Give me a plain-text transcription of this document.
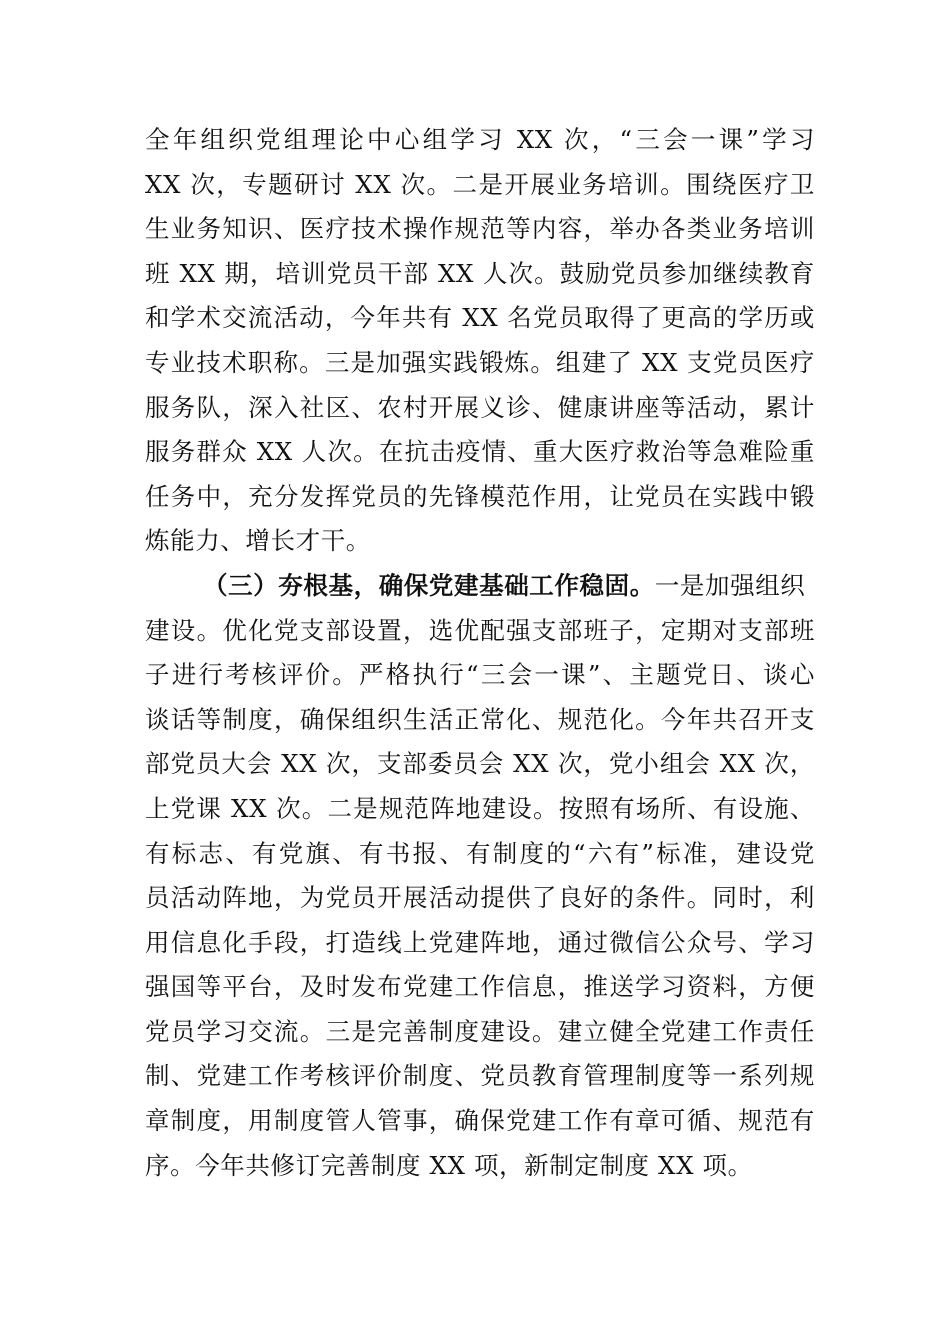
全年组织党组理论中心组学习 XX 次，“三会一课”学习
XX 次，专题研讨 XX 次。二是开展业务培训。围绕医疗卫
生业务知识、医疗技术操作规范等内容，举办各类业务培训
班 XX 期，培训党员干部 XX 人次。鼓励党员参加继续教育
和学术交流活动，今年共有 XX 名党员取得了更高的学历或
专业技术职称。三是加强实践锻炼。组建了 XX 支党员医疗
服务队，深入社区、农村开展义诊、健康讲座等活动，累计
服务群众 XX 人次。在抗击疫情、重大医疗救治等急难险重
任务中，充分发挥党员的先锋模范作用，让党员在实践中锻
炼能力、增长才干。
（三）夯根基，确保党建基础工作稳固。一是加强组织
建设。优化党支部设置，选优配强支部班子，定期对支部班
子进行考核评价。严格执行“三会一课”、主题党日、谈心
谈话等制度，确保组织生活正常化、规范化。今年共召开支
部党员大会 XX 次，支部委员会 XX 次，党小组会 XX 次，
上党课 XX 次。二是规范阵地建设。按照有场所、有设施、
有标志、有党旗、有书报、有制度的“六有”标准，建设党
员活动阵地，为党员开展活动提供了良好的条件。同时，利
用信息化手段，打造线上党建阵地，通过微信公众号、学习
强国等平台，及时发布党建工作信息，推送学习资料，方便
党员学习交流。三是完善制度建设。建立健全党建工作责任
制、党建工作考核评价制度、党员教育管理制度等一系列规
章制度，用制度管人管事，确保党建工作有章可循、规范有
序。今年共修订完善制度 XX 项，新制定制度 XX 项。
